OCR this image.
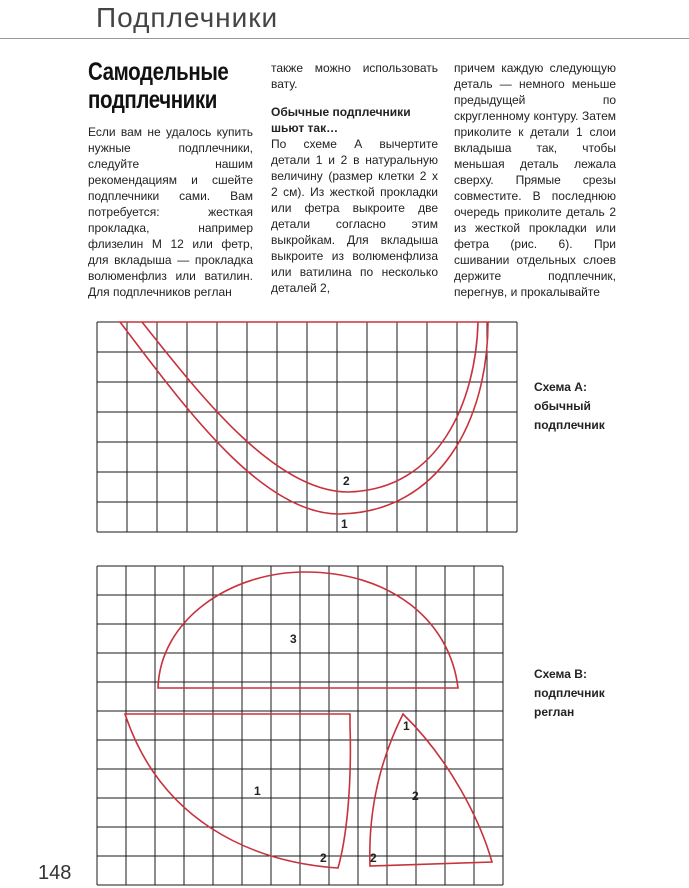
Подплечники
Самодельные подплечники

Если вам не удалось купить нужные подплечники, следуйте нашим рекомендациям и сшейте подплечники сами. Вам потребуется: жесткая прокладка, например флизелин М 12 или фетр, для вкладыша — прокладка волюменфлиз или ватилин. Для подплечников реглан

также можно использовать вату.

Обычные подплечники шьют так…

По схеме А вычертите детали 1 и 2 в натуральную величину (размер клетки 2 х 2 см). Из жесткой прокладки или фетра выкроите две детали согласно этим выкройкам. Для вкладыша выкроите из волюменфлиза или ватилина по несколько деталей 2,

причем каждую следующую деталь — немного меньше предыдущей по скругленному контуру. Затем приколите к детали 1 слои вкладыша так, чтобы меньшая деталь лежала сверху. Прямые срезы совместите. В последнюю очередь приколите деталь 2 из жесткой прокладки или фетра (рис. 6). При сшивании отдельных слоев держите подплечник, перегнув, и прокалывайте

2
1
3
1
2
1
2
2
Схема А:
обычный
подплечник
Схема В:
подплечник
реглан
148
